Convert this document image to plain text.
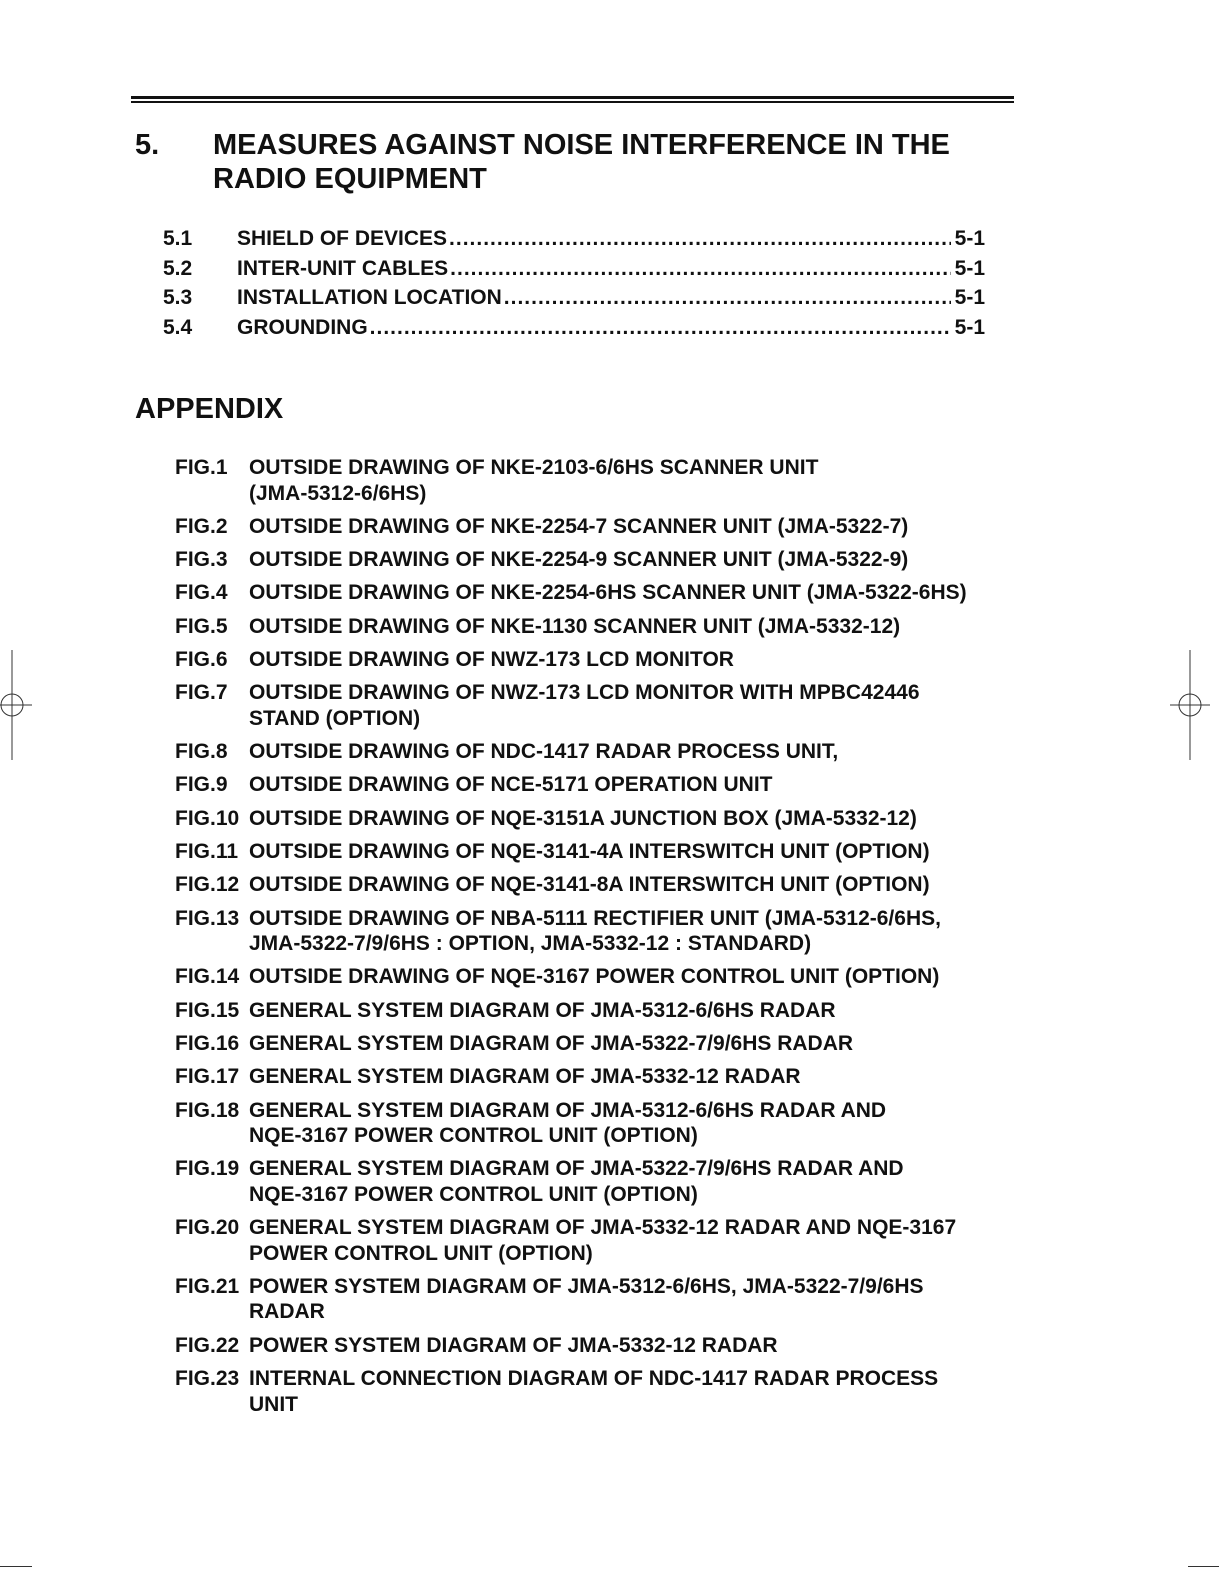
5. MEASURES AGAINST NOISE INTERFERENCE IN THE
RADIO EQUIPMENT
5.1	SHIELD OF DEVICES .....	5-1
5.2	INTER-UNIT CABLES .....	5-1
5.3	INSTALLATION LOCATION .....	5-1
5.4	GROUNDING .....	5-1
APPENDIX
FIG.1	OUTSIDE DRAWING OF NKE-2103-6/6HS SCANNER UNIT
(JMA-5312-6/6HS)
FIG.2	OUTSIDE DRAWING OF NKE-2254-7 SCANNER UNIT (JMA-5322-7)
FIG.3	OUTSIDE DRAWING OF NKE-2254-9 SCANNER UNIT (JMA-5322-9)
FIG.4	OUTSIDE DRAWING OF NKE-2254-6HS SCANNER UNIT (JMA-5322-6HS)
FIG.5	OUTSIDE DRAWING OF NKE-1130 SCANNER UNIT (JMA-5332-12)
FIG.6	OUTSIDE DRAWING OF NWZ-173 LCD MONITOR
FIG.7	OUTSIDE DRAWING OF NWZ-173 LCD MONITOR WITH MPBC42446
STAND (OPTION)
FIG.8	OUTSIDE DRAWING OF NDC-1417 RADAR PROCESS UNIT,
FIG.9	OUTSIDE DRAWING OF NCE-5171 OPERATION UNIT
FIG.10 OUTSIDE DRAWING OF NQE-3151A JUNCTION BOX (JMA-5332-12)
FIG.11 OUTSIDE DRAWING OF NQE-3141-4A INTERSWITCH UNIT (OPTION)
FIG.12 OUTSIDE DRAWING OF NQE-3141-8A INTERSWITCH UNIT (OPTION)
FIG.13 OUTSIDE DRAWING OF NBA-5111 RECTIFIER UNIT (JMA-5312-6/6HS,
JMA-5322-7/9/6HS : OPTION, JMA-5332-12 : STANDARD)
FIG.14 OUTSIDE DRAWING OF NQE-3167 POWER CONTROL UNIT (OPTION)
FIG.15 GENERAL SYSTEM DIAGRAM OF JMA-5312-6/6HS RADAR
FIG.16 GENERAL SYSTEM DIAGRAM OF JMA-5322-7/9/6HS RADAR
FIG.17 GENERAL SYSTEM DIAGRAM OF JMA-5332-12 RADAR
FIG.18 GENERAL SYSTEM DIAGRAM OF JMA-5312-6/6HS RADAR AND
NQE-3167 POWER CONTROL UNIT (OPTION)
FIG.19 GENERAL SYSTEM DIAGRAM OF JMA-5322-7/9/6HS RADAR AND
NQE-3167 POWER CONTROL UNIT (OPTION)
FIG.20 GENERAL SYSTEM DIAGRAM OF JMA-5332-12 RADAR AND NQE-3167
POWER CONTROL UNIT (OPTION)
FIG.21 POWER SYSTEM DIAGRAM OF JMA-5312-6/6HS, JMA-5322-7/9/6HS
RADAR
FIG.22 POWER SYSTEM DIAGRAM OF JMA-5332-12 RADAR
FIG.23 INTERNAL CONNECTION DIAGRAM OF NDC-1417 RADAR PROCESS
UNIT
